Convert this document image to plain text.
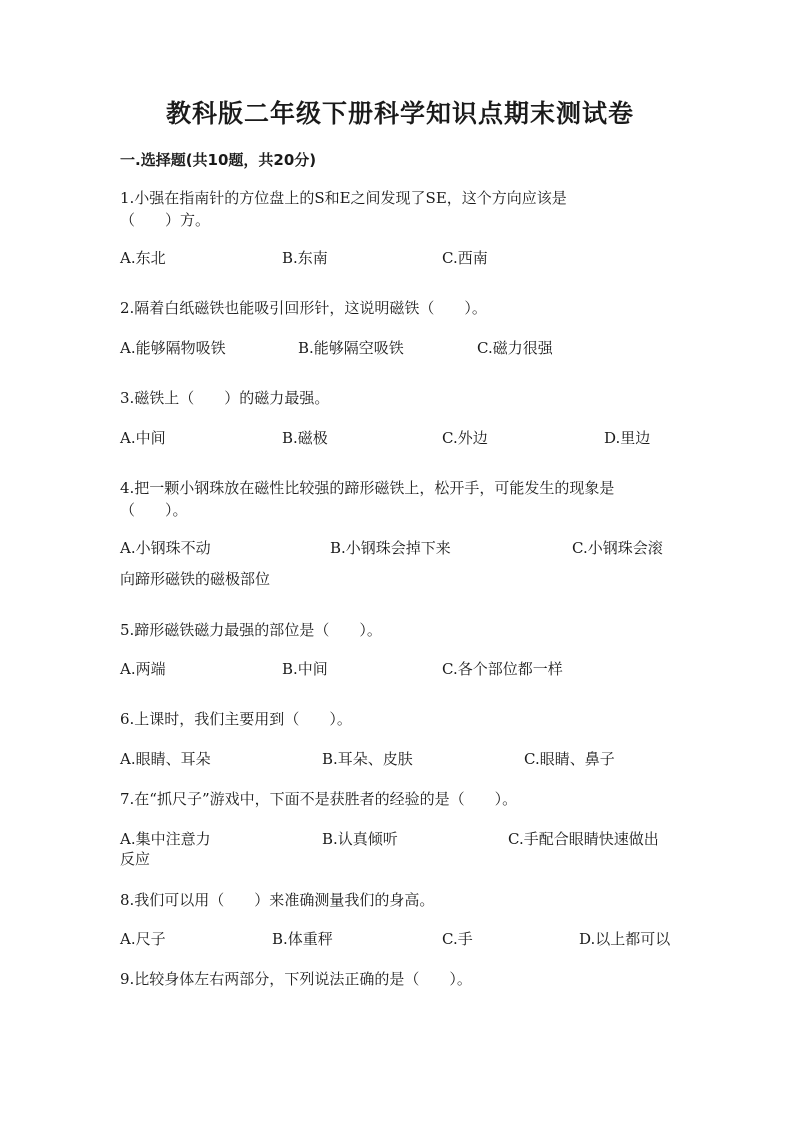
教科版二年级下册科学知识点期末测试卷
一.选择题(共10题，共20分)
1.小强在指南针的方位盘上的S和E之间发现了SE，这个方向应该是
（　　）方。
A.东北	B.东南	C.西南
2.隔着白纸磁铁也能吸引回形针，这说明磁铁（　　）。
A.能够隔物吸铁	B.能够隔空吸铁	C.磁力很强
3.磁铁上（　　）的磁力最强。
A.中间	B.磁极	C.外边	D.里边
4.把一颗小钢珠放在磁性比较强的蹄形磁铁上，松开手，可能发生的现象是
（　　）。
A.小钢珠不动	B.小钢珠会掉下来	C.小钢珠会滚
向蹄形磁铁的磁极部位
5.蹄形磁铁磁力最强的部位是（　　）。
A.两端	B.中间	C.各个部位都一样
6.上课时，我们主要用到（　　）。
A.眼睛、耳朵	B.耳朵、皮肤	C.眼睛、鼻子
7.在“抓尺子”游戏中，下面不是获胜者的经验的是（　　）。
A.集中注意力	B.认真倾听	C.手配合眼睛快速做出
反应
8.我们可以用（　　）来准确测量我们的身高。
A.尺子	B.体重秤	C.手	D.以上都可以
9.比较身体左右两部分，下列说法正确的是（　　）。
